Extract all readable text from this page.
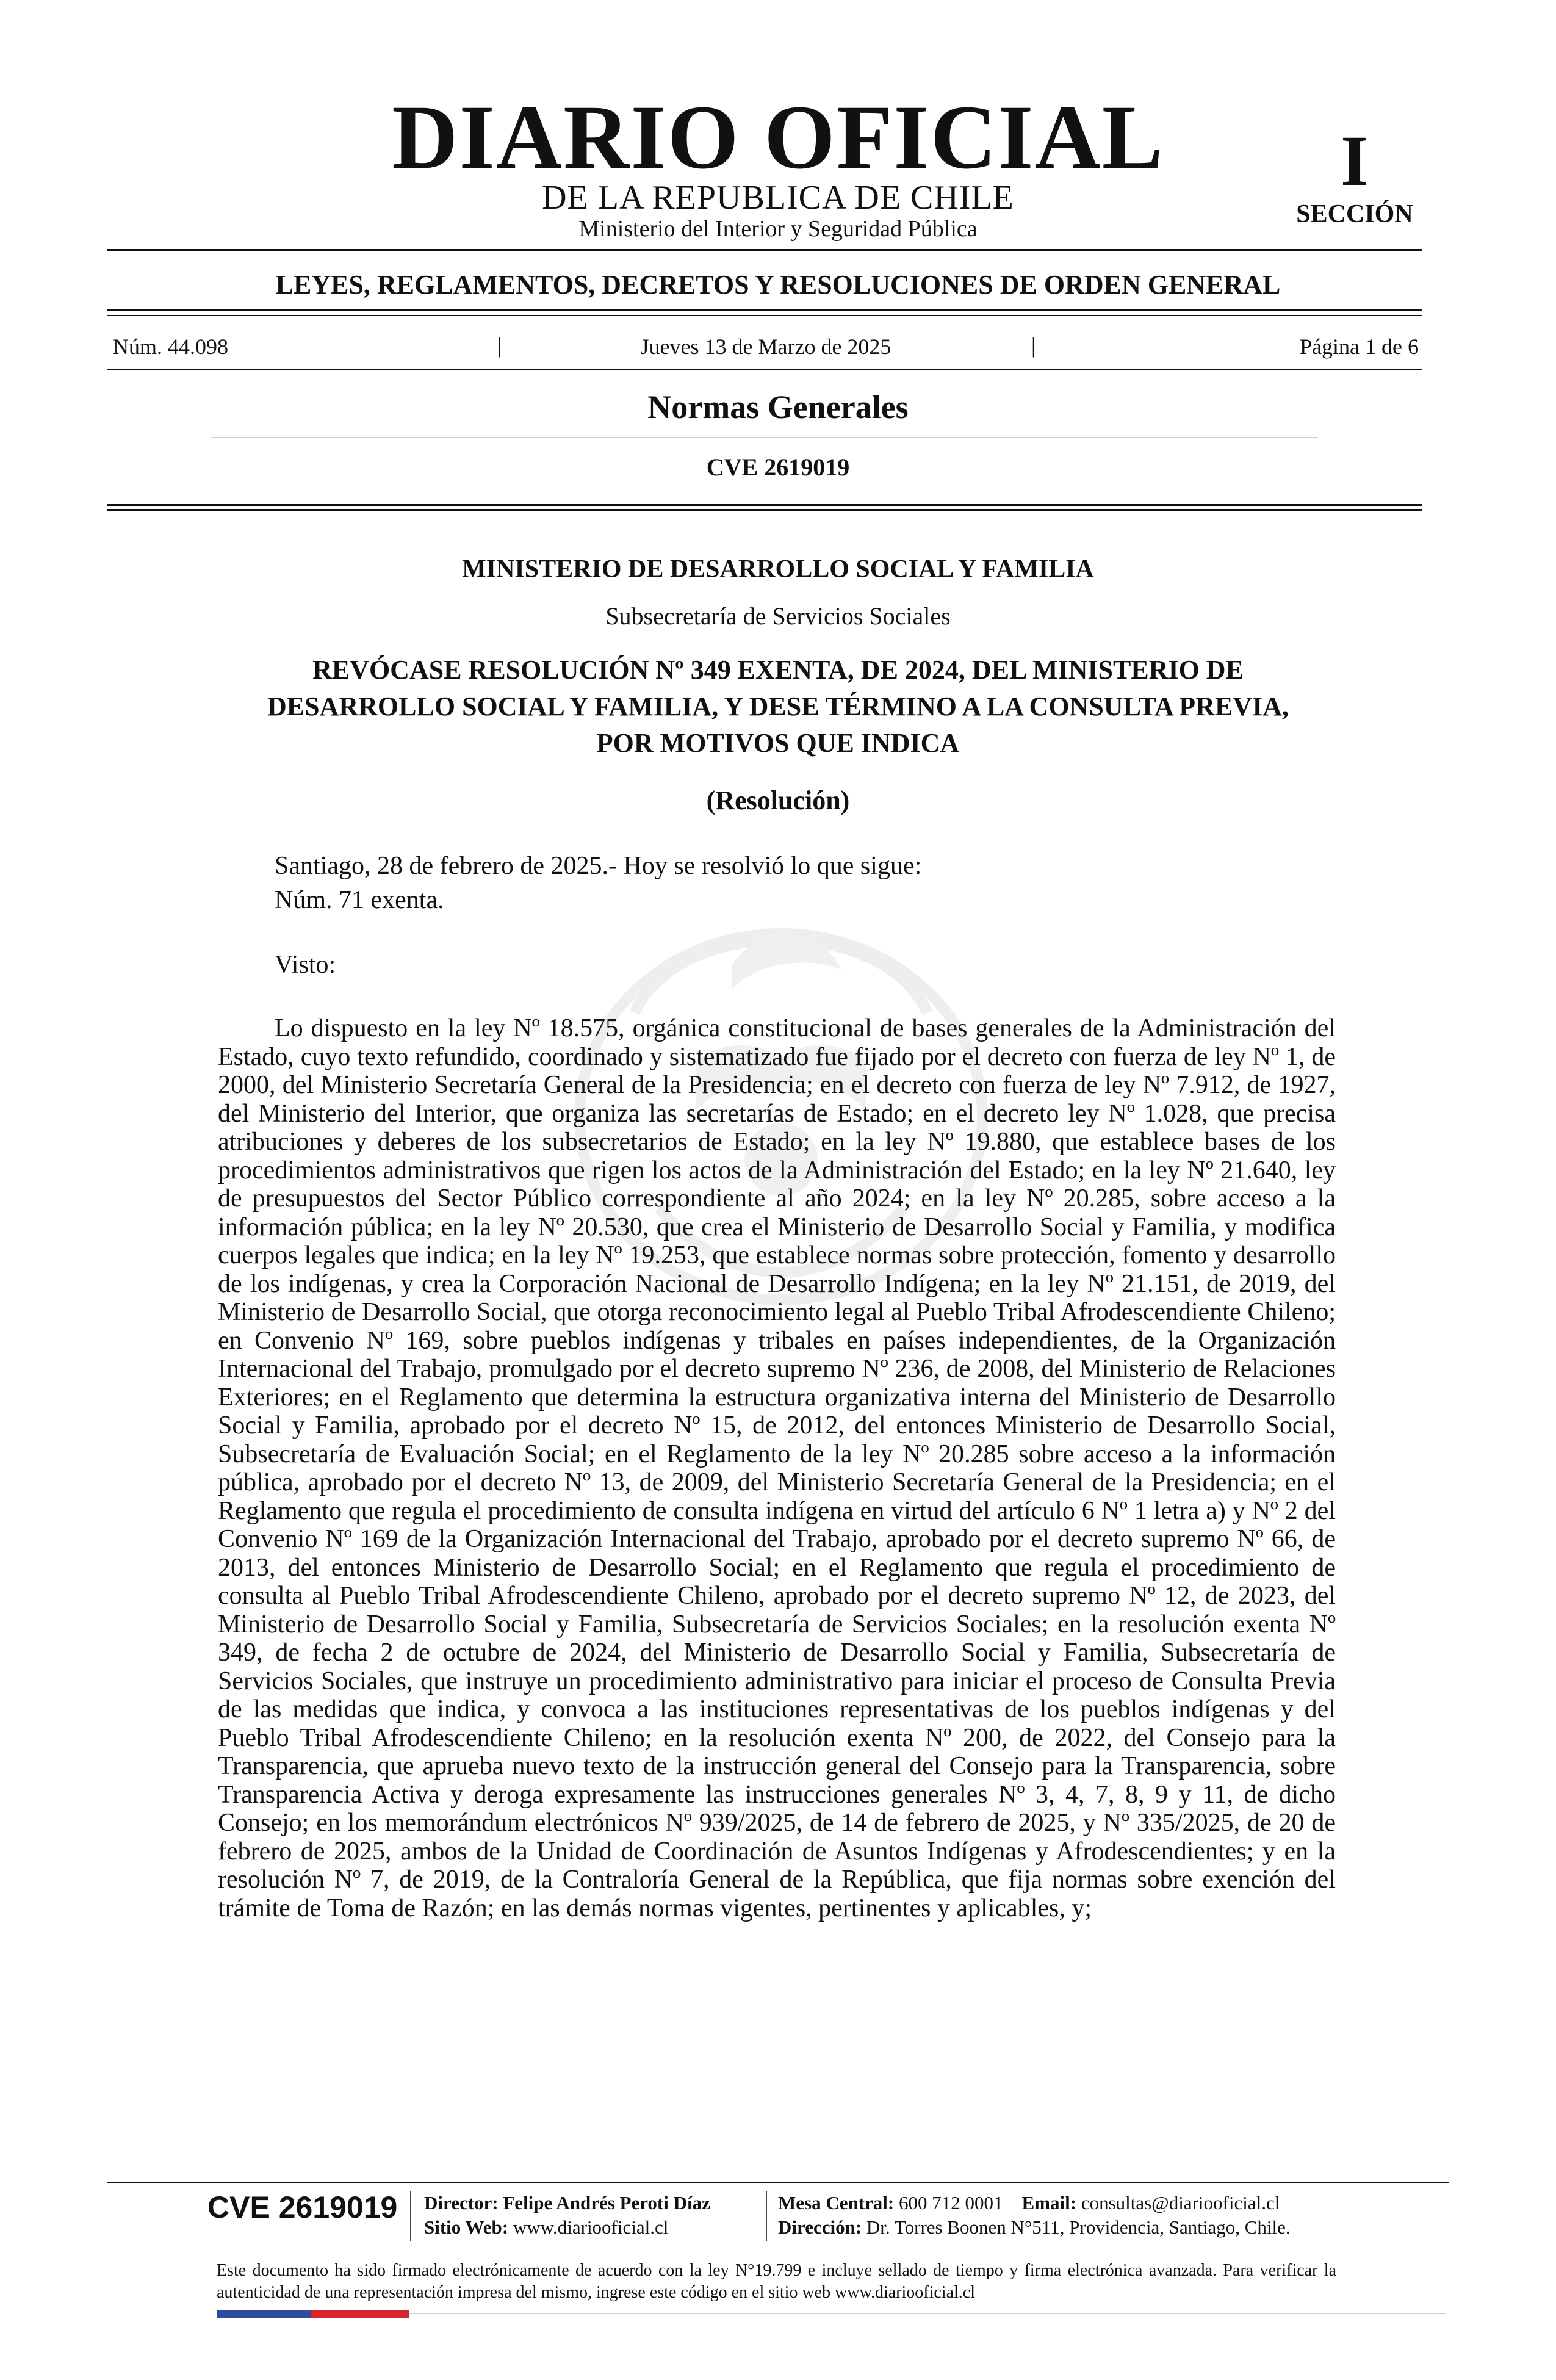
DIARIO OFICIAL
DE LA REPUBLICA DE CHILE
Ministerio del Interior y Seguridad Pública
I
SECCIÓN
LEYES, REGLAMENTOS, DECRETOS Y RESOLUCIONES DE ORDEN GENERAL
Núm. 44.098	|	Jueves 13 de Marzo de 2025	|	Página 1 de 6
Normas Generales
CVE 2619019
MINISTERIO DE DESARROLLO SOCIAL Y FAMILIA
Subsecretaría de Servicios Sociales
REVÓCASE RESOLUCIÓN Nº 349 EXENTA, DE 2024, DEL MINISTERIO DE
DESARROLLO SOCIAL Y FAMILIA, Y DESE TÉRMINO A LA CONSULTA PREVIA,
POR MOTIVOS QUE INDICA
(Resolución)
Santiago, 28 de febrero de 2025.- Hoy se resolvió lo que sigue:
Núm. 71 exenta.
Visto:
Lo dispuesto en la ley Nº 18.575, orgánica constitucional de bases generales de la Administración del Estado, cuyo texto refundido, coordinado y sistematizado fue fijado por el decreto con fuerza de ley Nº 1, de 2000, del Ministerio Secretaría General de la Presidencia; en el decreto con fuerza de ley Nº 7.912, de 1927, del Ministerio del Interior, que organiza las secretarías de Estado; en el decreto ley Nº 1.028, que precisa atribuciones y deberes de los subsecretarios de Estado; en la ley Nº 19.880, que establece bases de los procedimientos administrativos que rigen los actos de la Administración del Estado; en la ley Nº 21.640, ley de presupuestos del Sector Público correspondiente al año 2024; en la ley Nº 20.285, sobre acceso a la información pública; en la ley Nº 20.530, que crea el Ministerio de Desarrollo Social y Familia, y modifica cuerpos legales que indica; en la ley Nº 19.253, que establece normas sobre protección, fomento y desarrollo de los indígenas, y crea la Corporación Nacional de Desarrollo Indígena; en la ley Nº 21.151, de 2019, del Ministerio de Desarrollo Social, que otorga reconocimiento legal al Pueblo Tribal Afrodescendiente Chileno; en Convenio Nº 169, sobre pueblos indígenas y tribales en países independientes, de la Organización Internacional del Trabajo, promulgado por el decreto supremo Nº 236, de 2008, del Ministerio de Relaciones Exteriores; en el Reglamento que determina la estructura organizativa interna del Ministerio de Desarrollo Social y Familia, aprobado por el decreto Nº 15, de 2012, del entonces Ministerio de Desarrollo Social, Subsecretaría de Evaluación Social; en el Reglamento de la ley Nº 20.285 sobre acceso a la información pública, aprobado por el decreto Nº 13, de 2009, del Ministerio Secretaría General de la Presidencia; en el Reglamento que regula el procedimiento de consulta indígena en virtud del artículo 6 Nº 1 letra a) y Nº 2 del Convenio Nº 169 de la Organización Internacional del Trabajo, aprobado por el decreto supremo Nº 66, de 2013, del entonces Ministerio de Desarrollo Social; en el Reglamento que regula el procedimiento de consulta al Pueblo Tribal Afrodescendiente Chileno, aprobado por el decreto supremo Nº 12, de 2023, del Ministerio de Desarrollo Social y Familia, Subsecretaría de Servicios Sociales; en la resolución exenta Nº 349, de fecha 2 de octubre de 2024, del Ministerio de Desarrollo Social y Familia, Subsecretaría de Servicios Sociales, que instruye un procedimiento administrativo para iniciar el proceso de Consulta Previa de las medidas que indica, y convoca a las instituciones representativas de los pueblos indígenas y del Pueblo Tribal Afrodescendiente Chileno; en la resolución exenta Nº 200, de 2022, del Consejo para la Transparencia, que aprueba nuevo texto de la instrucción general del Consejo para la Transparencia, sobre Transparencia Activa y deroga expresamente las instrucciones generales Nº 3, 4, 7, 8, 9 y 11, de dicho Consejo; en los memorándum electrónicos Nº 939/2025, de 14 de febrero de 2025, y Nº 335/2025, de 20 de febrero de 2025, ambos de la Unidad de Coordinación de Asuntos Indígenas y Afrodescendientes; y en la resolución Nº 7, de 2019, de la Contraloría General de la República, que fija normas sobre exención del trámite de Toma de Razón; en las demás normas vigentes, pertinentes y aplicables, y;
CVE 2619019 Director: Felipe Andrés Peroti Díaz
Sitio Web: www.diariooficial.cl
Mesa Central: 600 712 0001 Email: consultas@diariooficial.cl
Dirección: Dr. Torres Boonen N°511, Providencia, Santiago, Chile.
Este documento ha sido firmado electrónicamente de acuerdo con la ley N°19.799 e incluye sellado de tiempo y firma electrónica avanzada. Para verificar la autenticidad de una representación impresa del mismo, ingrese este código en el sitio web www.diariooficial.cl
